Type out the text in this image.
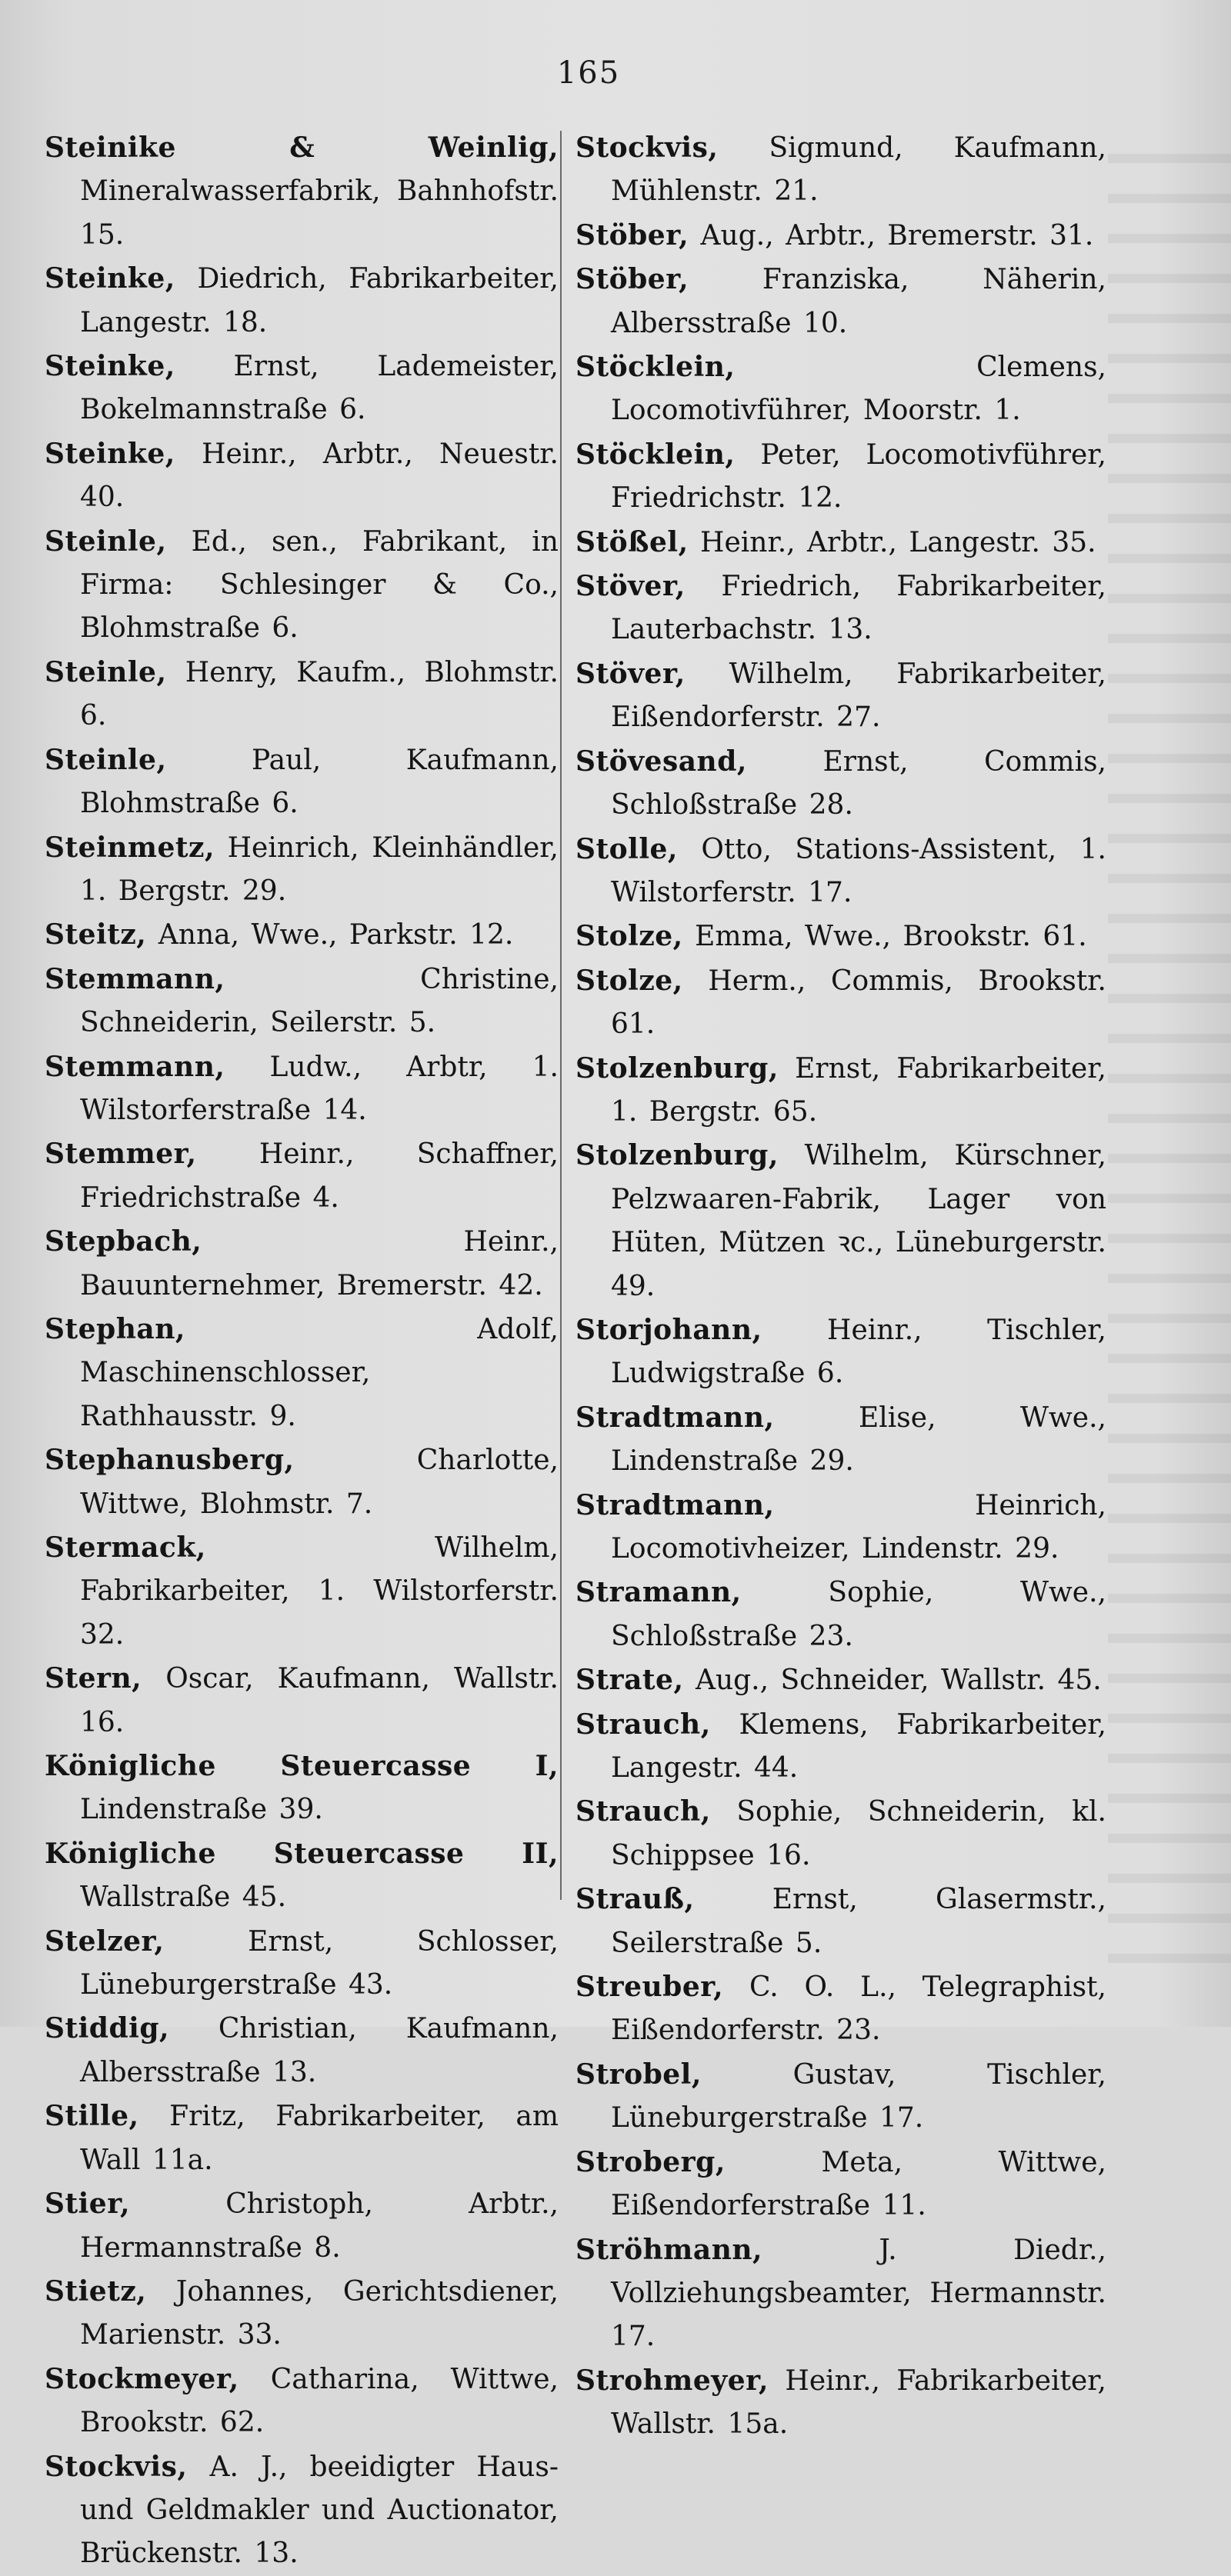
165

Steinike & Weinlig, Mineralwasserfabrik, Bahnhofstr. 15.

Steinke, Diedrich, Fabrikarbeiter, Langestr. 18.

Steinke, Ernst, Lademeister, Bokelmannstraße 6.

Steinke, Heinr., Arbtr., Neuestr. 40.

Steinle, Ed., sen., Fabrikant, in Firma: Schlesinger & Co., Blohmstraße 6.

Steinle, Henry, Kaufm., Blohmstr. 6.

Steinle, Paul, Kaufmann, Blohmstraße 6.

Steinmetz, Heinrich, Kleinhändler, 1. Bergstr. 29.

Steitz, Anna, Wwe., Parkstr. 12.

Stemmann, Christine, Schneiderin, Seilerstr. 5.

Stemmann, Ludw., Arbtr, 1. Wilstorferstraße 14.

Stemmer, Heinr., Schaffner, Friedrichstraße 4.

Stepbach, Heinr., Bauunternehmer, Bremerstr. 42.

Stephan, Adolf, Maschinenschlosser, Rathhausstr. 9.

Stephanusberg, Charlotte, Wittwe, Blohmstr. 7.

Stermack, Wilhelm, Fabrikarbeiter, 1. Wilstorferstr. 32.

Stern, Oscar, Kaufmann, Wallstr. 16.

Königliche Steuercasse I, Lindenstraße 39.

Königliche Steuercasse II, Wallstraße 45.

Stelzer, Ernst, Schlosser, Lüneburgerstraße 43.

Stiddig, Christian, Kaufmann, Albersstraße 13.

Stille, Fritz, Fabrikarbeiter, am Wall 11a.

Stier, Christoph, Arbtr., Hermannstraße 8.

Stietz, Johannes, Gerichtsdiener, Marienstr. 33.

Stockmeyer, Catharina, Wittwe, Brookstr. 62.

Stockvis, A. J., beeidigter Haus- und Geldmakler und Auctionator, Brückenstr. 13.

Stockvis, Sigmund, Kaufmann, Mühlenstr. 21.

Stöber, Aug., Arbtr., Bremerstr. 31.

Stöber, Franziska, Näherin, Albersstraße 10.

Stöcklein, Clemens, Locomotivführer, Moorstr. 1.

Stöcklein, Peter, Locomotivführer, Friedrichstr. 12.

Stößel, Heinr., Arbtr., Langestr. 35.

Stöver, Friedrich, Fabrikarbeiter, Lauterbachstr. 13.

Stöver, Wilhelm, Fabrikarbeiter, Eißendorferstr. 27.

Stövesand, Ernst, Commis, Schloßstraße 28.

Stolle, Otto, Stations-Assistent, 1. Wilstorferstr. 17.

Stolze, Emma, Wwe., Brookstr. 61.

Stolze, Herm., Commis, Brookstr. 61.

Stolzenburg, Ernst, Fabrikarbeiter, 1. Bergstr. 65.

Stolzenburg, Wilhelm, Kürschner, Pelzwaaren-Fabrik, Lager von Hüten, Mützen ꝛc., Lüneburgerstr. 49.

Storjohann, Heinr., Tischler, Ludwigstraße 6.

Stradtmann, Elise, Wwe., Lindenstraße 29.

Stradtmann, Heinrich, Locomotivheizer, Lindenstr. 29.

Stramann, Sophie, Wwe., Schloßstraße 23.

Strate, Aug., Schneider, Wallstr. 45.

Strauch, Klemens, Fabrikarbeiter, Langestr. 44.

Strauch, Sophie, Schneiderin, kl. Schippsee 16.

Strauß, Ernst, Glasermstr., Seilerstraße 5.

Streuber, C. O. L., Telegraphist, Eißendorferstr. 23.

Strobel, Gustav, Tischler, Lüneburgerstraße 17.

Stroberg, Meta, Wittwe, Eißendorferstraße 11.

Ströhmann, J. Diedr., Vollziehungsbeamter, Hermannstr. 17.

Strohmeyer, Heinr., Fabrikarbeiter, Wallstr. 15a.
